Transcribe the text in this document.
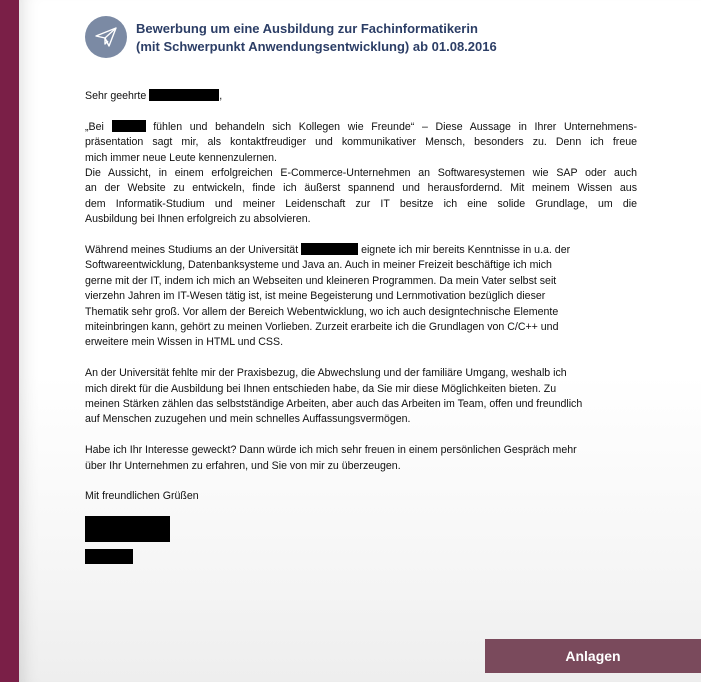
Bewerbung um eine Ausbildung zur Fachinformatikerin
(mit Schwerpunkt Anwendungsentwicklung) ab 01.08.2016

Sehr geehrte	,

„Bei	fühlen und behandeln sich Kollegen wie Freunde“ – Diese Aussage in Ihrer Unternehmens-

präsentation sagt mir, als kontaktfreudiger und kommunikativer Mensch, besonders zu. Denn ich freue

mich immer neue Leute kennenzulernen.

Die Aussicht, in einem erfolgreichen E-Commerce-Unternehmen an Softwaresystemen wie SAP oder auch

an der Website zu entwickeln, finde ich äußerst spannend und herausfordernd. Mit meinem Wissen aus

dem Informatik-Studium und meiner Leidenschaft zur IT besitze ich eine solide Grundlage, um die

Ausbildung bei Ihnen erfolgreich zu absolvieren.

Während meines Studiums an der Universität	eignete ich mir bereits Kenntnisse in u.a. der

Softwareentwicklung, Datenbanksysteme und Java an. Auch in meiner Freizeit beschäftige ich mich

gerne mit der IT, indem ich mich an Webseiten und kleineren Programmen. Da mein Vater selbst seit

vierzehn Jahren im IT-Wesen tätig ist, ist meine Begeisterung und Lernmotivation bezüglich dieser

Thematik sehr groß. Vor allem der Bereich Webentwicklung, wo ich auch designtechnische Elemente

miteinbringen kann, gehört zu meinen Vorlieben. Zurzeit erarbeite ich die Grundlagen von C/C++ und

erweitere mein Wissen in HTML und CSS.

An der Universität fehlte mir der Praxisbezug, die Abwechslung und der familiäre Umgang, weshalb ich

mich direkt für die Ausbildung bei Ihnen entschieden habe, da Sie mir diese Möglichkeiten bieten. Zu

meinen Stärken zählen das selbstständige Arbeiten, aber auch das Arbeiten im Team, offen und freundlich

auf Menschen zuzugehen und mein schnelles Auffassungsvermögen.

Habe ich Ihr Interesse geweckt? Dann würde ich mich sehr freuen in einem persönlichen Gespräch mehr

über Ihr Unternehmen zu erfahren, und Sie von mir zu überzeugen.

Mit freundlichen Grüßen

Anlagen
